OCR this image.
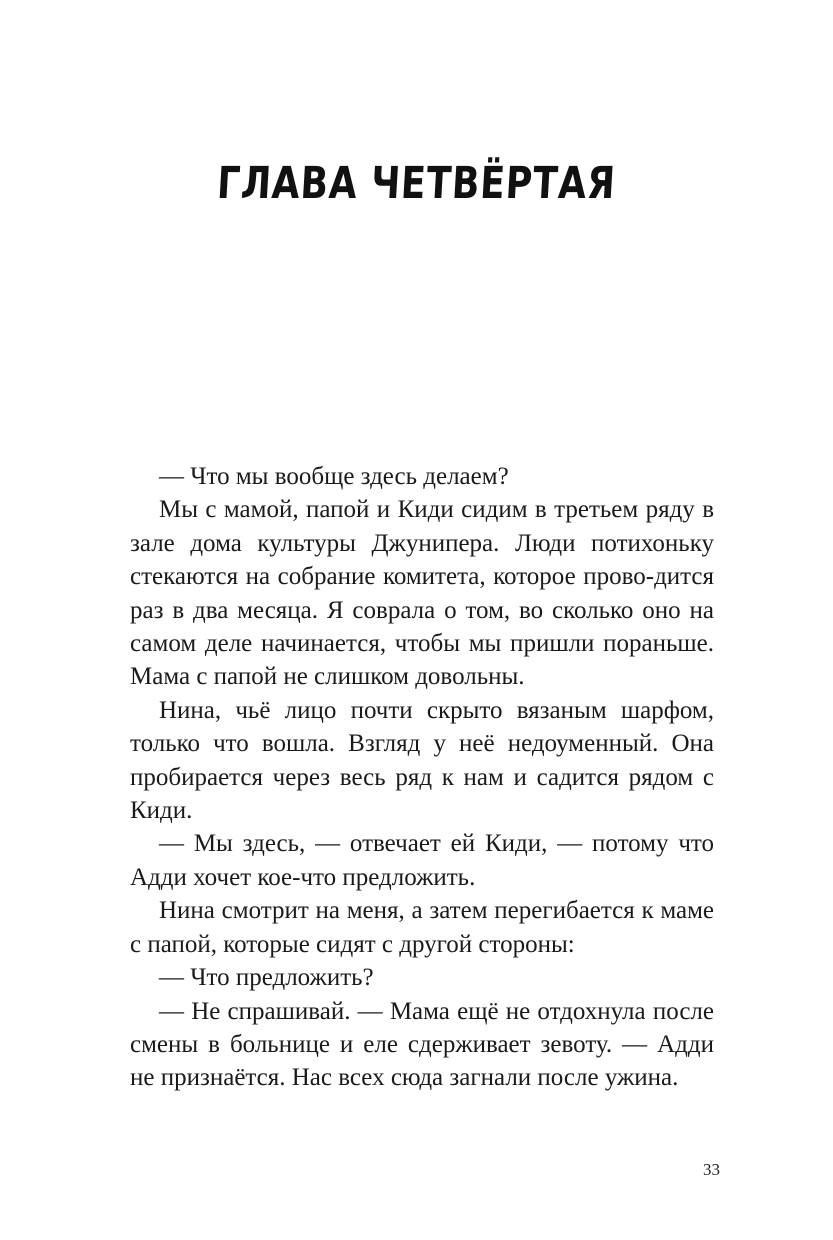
ГЛАВА ЧЕТВЁРТАЯ

— Что мы вообще здесь делаем?

Мы с мамой, папой и Киди сидим в третьем ряду в зале дома культуры Джунипера. Люди потихоньку стекаются на собрание комитета, которое прово-дится раз в два месяца. Я соврала о том, во сколько оно на самом деле начинается, чтобы мы пришли пораньше. Мама с папой не слишком довольны.

Нина, чьё лицо почти скрыто вязаным шарфом, только что вошла. Взгляд у неё недоуменный. Она пробирается через весь ряд к нам и садится рядом с Киди.

— Мы здесь, — отвечает ей Киди, — потому что Адди хочет кое-что предложить.

Нина смотрит на меня, а затем перегибается к маме с папой, которые сидят с другой стороны:

— Что предложить?

— Не спрашивай. — Мама ещё не отдохнула после смены в больнице и еле сдерживает зевоту. — Адди не признаётся. Нас всех сюда загнали после ужина.

33
